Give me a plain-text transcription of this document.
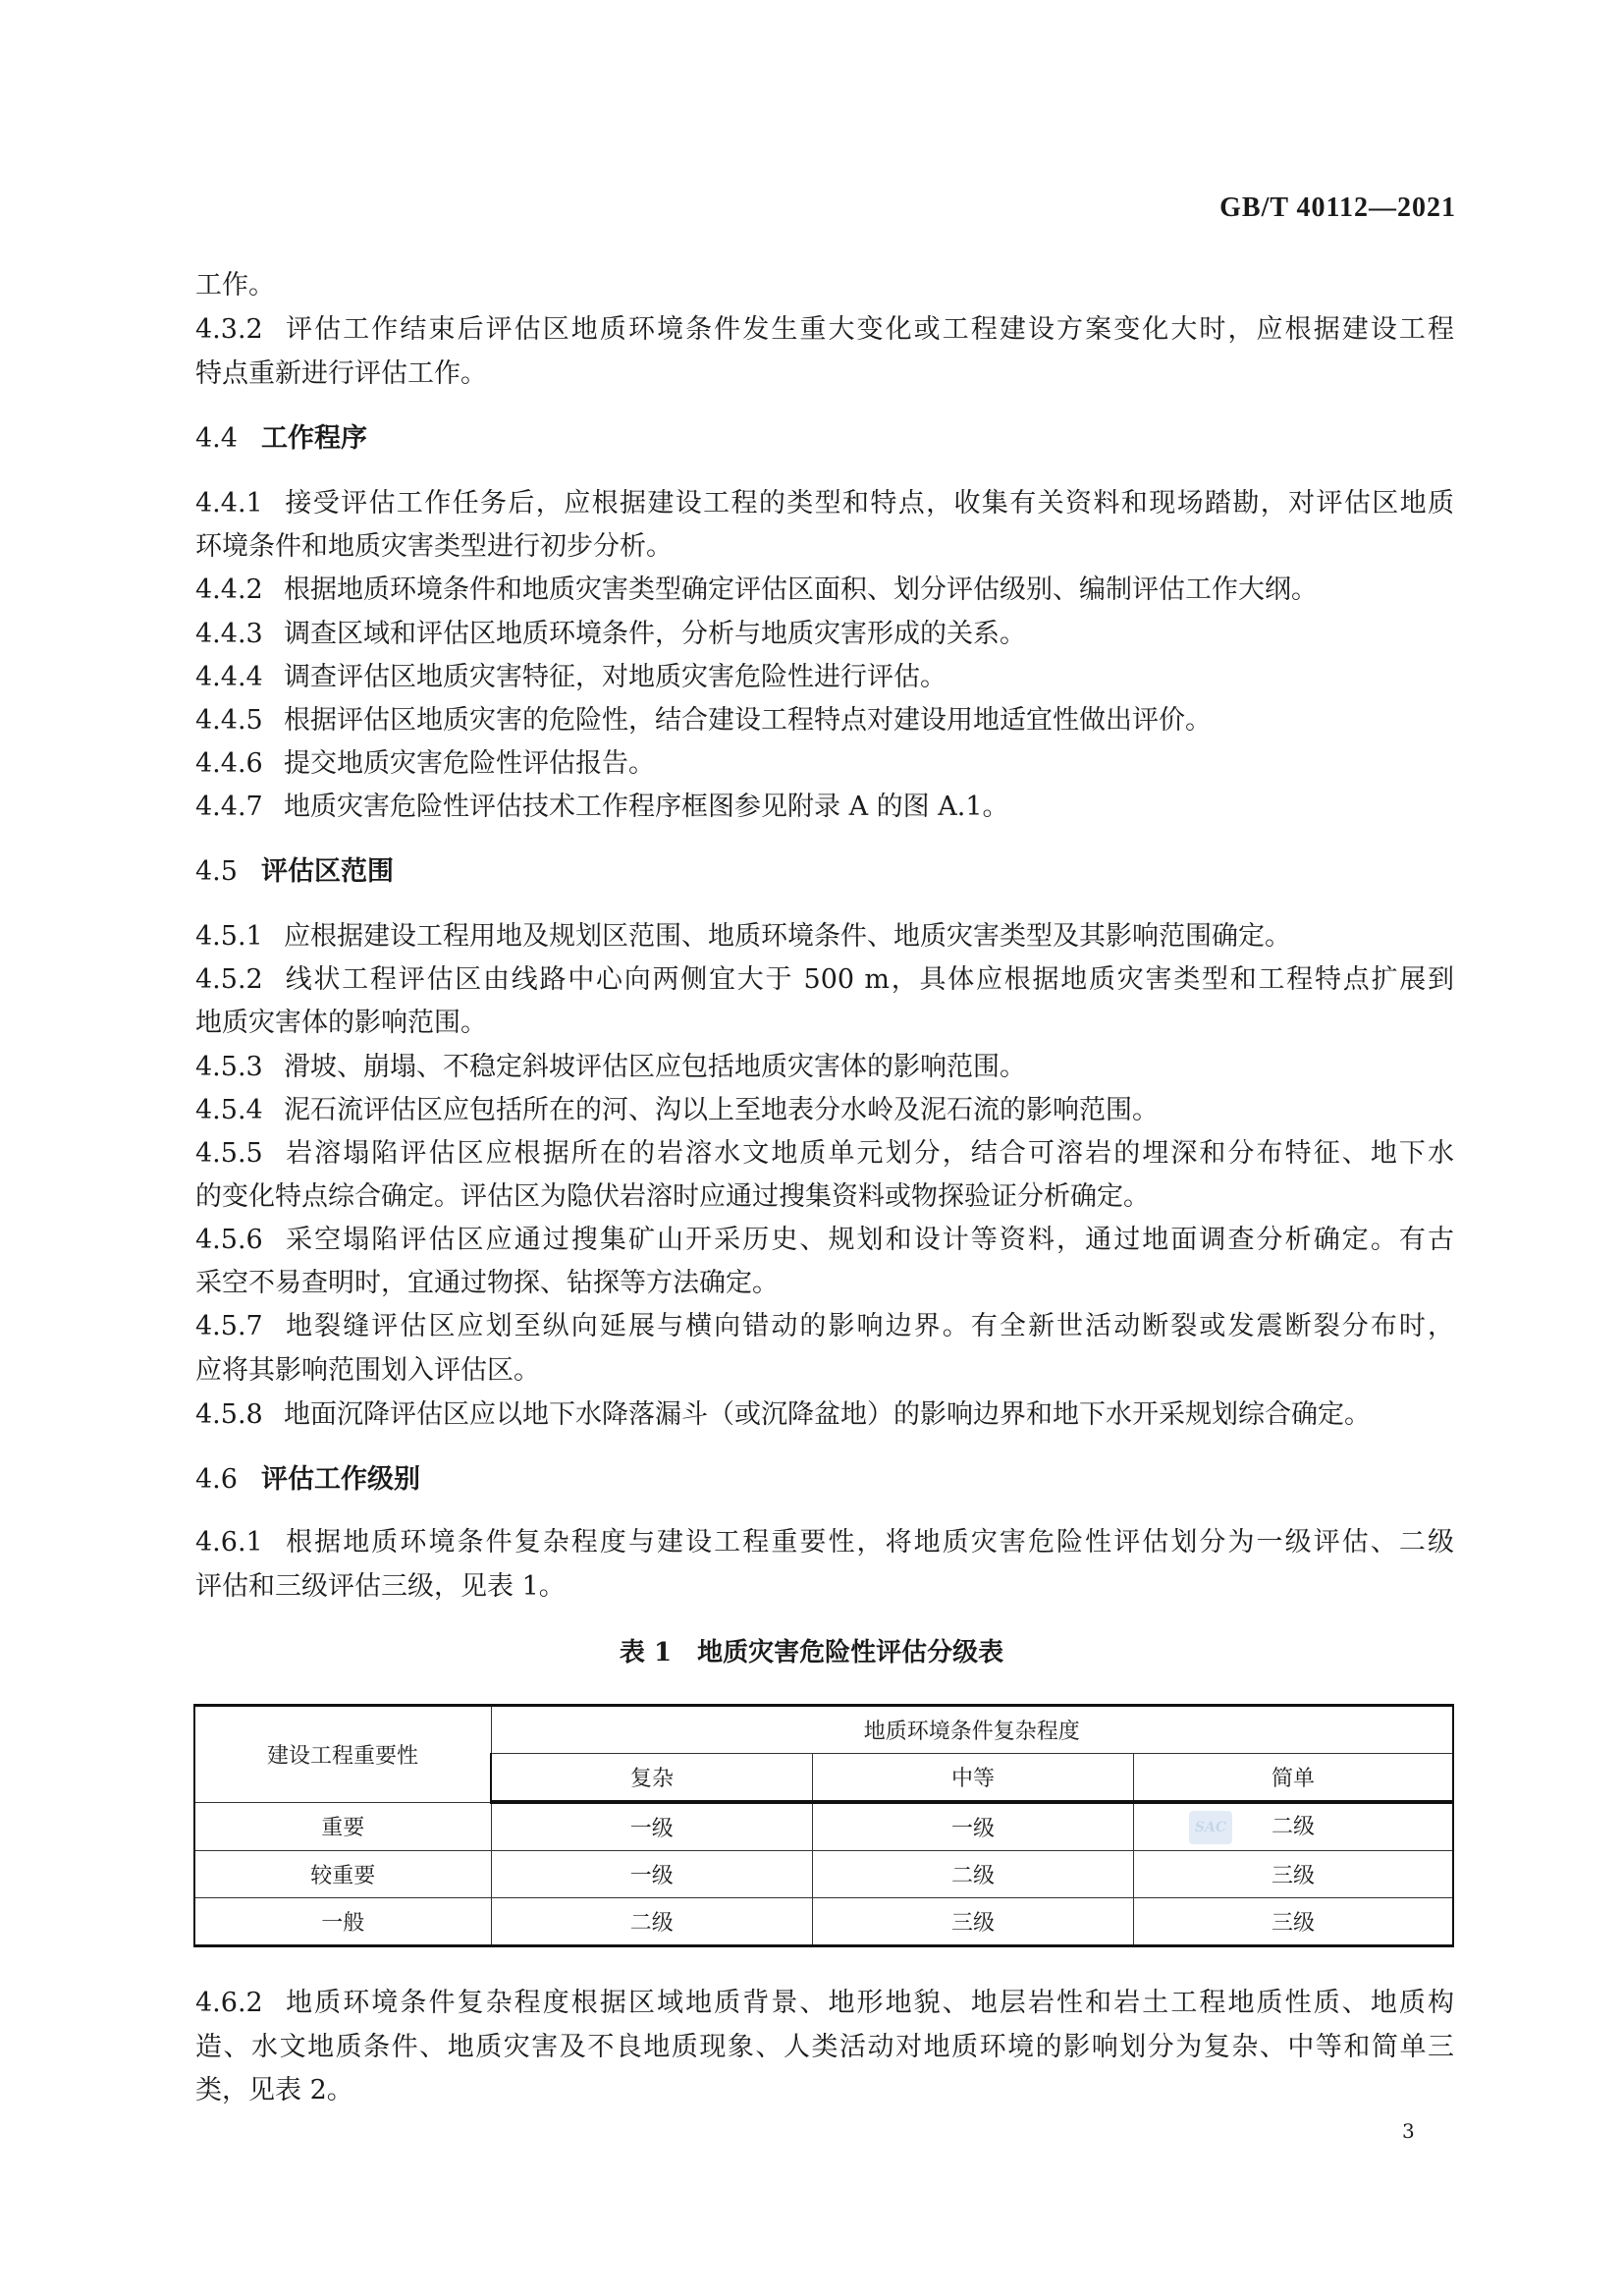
GB/T 40112—2021
工作。
4.3.2 评估工作结束后评估区地质环境条件发生重大变化或工程建设方案变化大时，应根据建设工程
特点重新进行评估工作。
4.4 工作程序
4.4.1 接受评估工作任务后，应根据建设工程的类型和特点，收集有关资料和现场踏勘，对评估区地质
环境条件和地质灾害类型进行初步分析。
4.4.2 根据地质环境条件和地质灾害类型确定评估区面积、划分评估级别、编制评估工作大纲。
4.4.3 调查区域和评估区地质环境条件，分析与地质灾害形成的关系。
4.4.4 调查评估区地质灾害特征，对地质灾害危险性进行评估。
4.4.5 根据评估区地质灾害的危险性，结合建设工程特点对建设用地适宜性做出评价。
4.4.6 提交地质灾害危险性评估报告。
4.4.7 地质灾害危险性评估技术工作程序框图参见附录 A 的图 A.1。
4.5 评估区范围
4.5.1 应根据建设工程用地及规划区范围、地质环境条件、地质灾害类型及其影响范围确定。
4.5.2 线状工程评估区由线路中心向两侧宜大于 500 m，具体应根据地质灾害类型和工程特点扩展到
地质灾害体的影响范围。
4.5.3 滑坡、崩塌、不稳定斜坡评估区应包括地质灾害体的影响范围。
4.5.4 泥石流评估区应包括所在的河、沟以上至地表分水岭及泥石流的影响范围。
4.5.5 岩溶塌陷评估区应根据所在的岩溶水文地质单元划分，结合可溶岩的埋深和分布特征、地下水
的变化特点综合确定。评估区为隐伏岩溶时应通过搜集资料或物探验证分析确定。
4.5.6 采空塌陷评估区应通过搜集矿山开采历史、规划和设计等资料，通过地面调查分析确定。有古
采空不易查明时，宜通过物探、钻探等方法确定。
4.5.7 地裂缝评估区应划至纵向延展与横向错动的影响边界。有全新世活动断裂或发震断裂分布时，
应将其影响范围划入评估区。
4.5.8 地面沉降评估区应以地下水降落漏斗（或沉降盆地）的影响边界和地下水开采规划综合确定。
4.6 评估工作级别
4.6.1 根据地质环境条件复杂程度与建设工程重要性，将地质灾害危险性评估划分为一级评估、二级
评估和三级评估三级，见表 1。
表 1　地质灾害危险性评估分级表
建设工程重要性	地质环境条件复杂程度		
	复杂	中等	简单
重要	一级	一级	SAC 二级
较重要	一级	二级	三级
一般	二级	三级	三级
4.6.2 地质环境条件复杂程度根据区域地质背景、地形地貌、地层岩性和岩土工程地质性质、地质构
造、水文地质条件、地质灾害及不良地质现象、人类活动对地质环境的影响划分为复杂、中等和简单三
类，见表 2。
3
